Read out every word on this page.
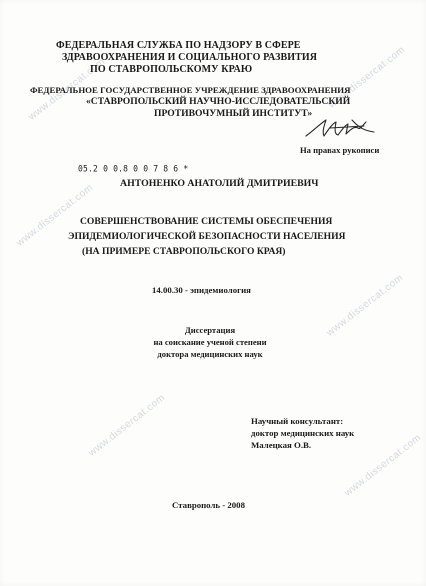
www.dissercat.com	www.dissercat.com
www.dissercat.com
www.dissercat.com
www.dissercat.com
www.dissercat.com
ФЕДЕРАЛЬНАЯ СЛУЖБА ПО НАДЗОРУ В СФЕРЕ
ЗДРАВООХРАНЕНИЯ И СОЦИАЛЬНОГО РАЗВИТИЯ
ПО СТАВРОПОЛЬСКОМУ КРАЮ
ФЕДЕРАЛЬНОЕ ГОСУДАРСТВЕННОЕ УЧРЕЖДЕНИЕ ЗДРАВООХРАНЕНИЯ
«СТАВРОПОЛЬСКИЙ НАУЧНО-ИССЛЕДОВАТЕЛЬСКИЙ
ПРОТИВОЧУМНЫЙ ИНСТИТУТ»
На правах рукописи
05.2 0 0.8 0 0 7 8 6 *
АНТОНЕНКО АНАТОЛИЙ ДМИТРИЕВИЧ
СОВЕРШЕНСТВОВАНИЕ СИСТЕМЫ ОБЕСПЕЧЕНИЯ
ЭПИДЕМИОЛОГИЧЕСКОЙ БЕЗОПАСНОСТИ НАСЕЛЕНИЯ
(НА ПРИМЕРЕ СТАВРОПОЛЬСКОГО КРАЯ)
14.00.30 - эпидемиология
Диссертация
на соискание ученой степени
доктора медицинских наук
Научный консультант:
доктор медицинских наук
Малецкая О.В.
Ставрополь - 2008
